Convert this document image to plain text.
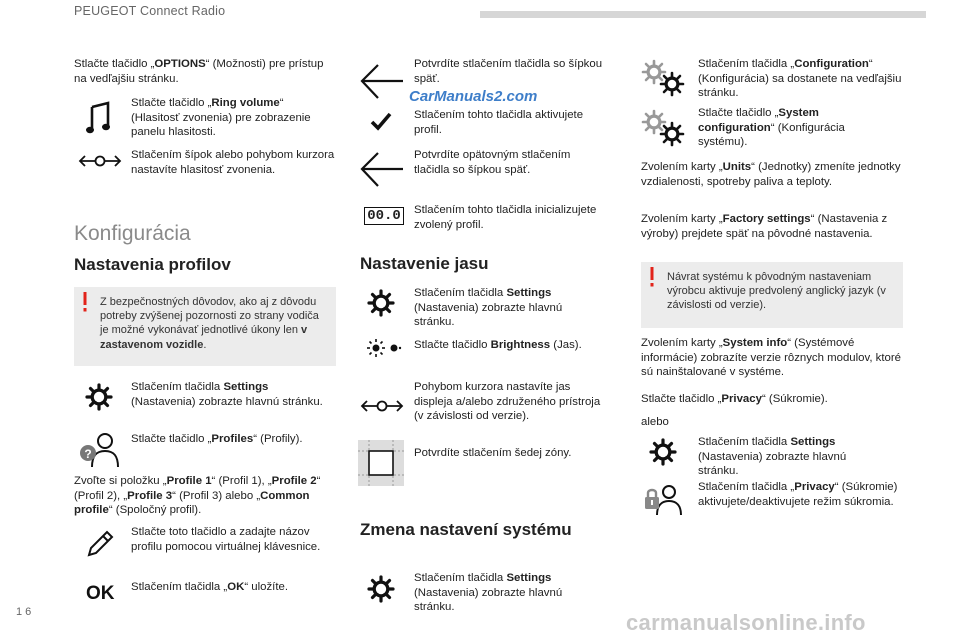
PEUGEOT Connect Radio
16	carmanualsonline.info
CarManuals2.com
Stlačte tlačidlo „OPTIONS“ (Možnosti) pre prístup na vedľajšiu stránku.
Stlačte tlačidlo „Ring volume“ (Hlasitosť zvonenia) pre zobrazenie panelu hlasitosti.
Stlačením šípok alebo pohybom kurzora nastavíte hlasitosť zvonenia.
Konfigurácia
Nastavenia profilov
Z bezpečnostných dôvodov, ako aj z dôvodu potreby zvýšenej pozornosti zo strany vodiča je možné vykonávať jednotlivé úkony len v zastavenom vozidle.
Stlačením tlačidla Settings (Nastavenia) zobrazte hlavnú stránku.
?
Stlačte tlačidlo „Profiles“ (Profily).
Zvoľte si položku „Profile 1“ (Profil 1), „Profile 2“ (Profil 2), „Profile 3“ (Profil 3) alebo „Common profile“ (Spoločný profil).
Stlačte toto tlačidlo a zadajte názov profilu pomocou virtuálnej klávesnice.
OK Stlačením tlačidla „OK“ uložíte.
Potvrdíte stlačením tlačidla so šípkou späť.
Stlačením tohto tlačidla aktivujete profil.
Potvrdíte opätovným stlačením tlačidla so šípkou späť.
00.0 Stlačením tohto tlačidla inicializujete zvolený profil.
Nastavenie jasu
Stlačením tlačidla Settings (Nastavenia) zobrazte hlavnú stránku.
Stlačte tlačidlo Brightness (Jas).
Pohybom kurzora nastavíte jas displeja a/alebo združeného prístroja (v závislosti od verzie).
Potvrdíte stlačením šedej zóny.
Zmena nastavení systému
Stlačením tlačidla Settings (Nastavenia) zobrazte hlavnú stránku.
Stlačením tlačidla „Configuration“ (Konfigurácia) sa dostanete na vedľajšiu stránku.
Stlačte tlačidlo „System configuration“ (Konfigurácia systému).
Zvolením karty „Units“ (Jednotky) zmeníte jednotky vzdialenosti, spotreby paliva a teploty.
Zvolením karty „Factory settings“ (Nastavenia z výroby) prejdete späť na pôvodné nastavenia.
Návrat systému k pôvodným nastaveniam výrobcu aktivuje predvolený anglický jazyk (v závislosti od verzie).
Zvolením karty „System info“ (Systémové informácie) zobrazíte verzie rôznych modulov, ktoré sú nainštalované v systéme.
Stlačte tlačidlo „Privacy“ (Súkromie).
alebo
Stlačením tlačidla Settings (Nastavenia) zobrazte hlavnú stránku.
Stlačením tlačidla „Privacy“ (Súkromie) aktivujete/deaktivujete režim súkromia.
